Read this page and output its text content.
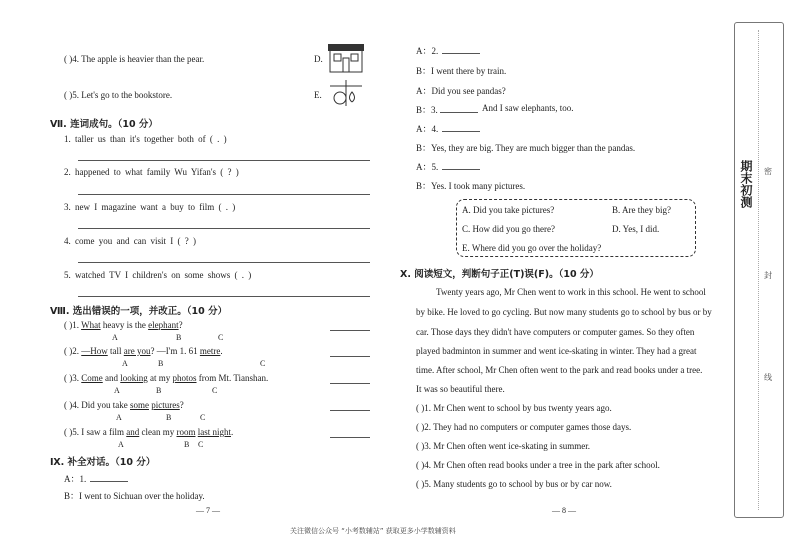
( )4. The apple is heavier than the pear.
( )5. Let's go to the bookstore.
D.
E.
Ⅶ. 连词成句。（10 分）
1. taller us than it's together both of ( . )
2. happened to what family Wu Yifan's ( ? )
3. new I magazine want a buy to film ( . )
4. come you and can visit I ( ? )
5. watched TV I children's on some shows ( . )
Ⅷ. 选出错误的一项，并改正。（10 分）
( )1. What heavy is the elephant?
A	B	C
( )2. —How tall are you? —I'm 1. 61 metre.
A	B	C
( )3. Come and looking at my photos from Mt. Tianshan.
A	B	C
( )4. Did you take some pictures?
A	B	C
( )5. I saw a film and clean my room last night.
A	B C
Ⅸ. 补全对话。（10 分）
A：1.
B：I went to Sichuan over the holiday.
— 7 —
A：2.
B：I went there by train.
A：Did you see pandas?
B：3.	And I saw elephants, too.
A：4.
B：Yes, they are big. They are much bigger than the pandas.
A：5.
B：Yes. I took many pictures.
A. Did you take pictures?	B. Are they big?
C. How did you go there?	D. Yes, I did.
E. Where did you go over the holiday?
Ⅹ. 阅读短文，判断句子正(T)误(F)。（10 分）
Twenty years ago, Mr Chen went to work in this school. He went to school
by bike. He loved to go cycling. But now many students go to school by bus or by
car. Those days they didn't have computers or computer games. So they often
played badminton in summer and went ice-skating in winter. They had a great
time. After school, Mr Chen often went to the park and read books under a tree.
It was so beautiful there.
( )1. Mr Chen went to school by bus twenty years ago.
( )2. They had no computers or computer games those days.
( )3. Mr Chen often went ice-skating in summer.
( )4. Mr Chen often read books under a tree in the park after school.
( )5. Many students go to school by bus or by car now.
— 8 —
期末初测 密
封
线
关注微信公众号 “小考数辅站” 获取更多小学数辅资料
